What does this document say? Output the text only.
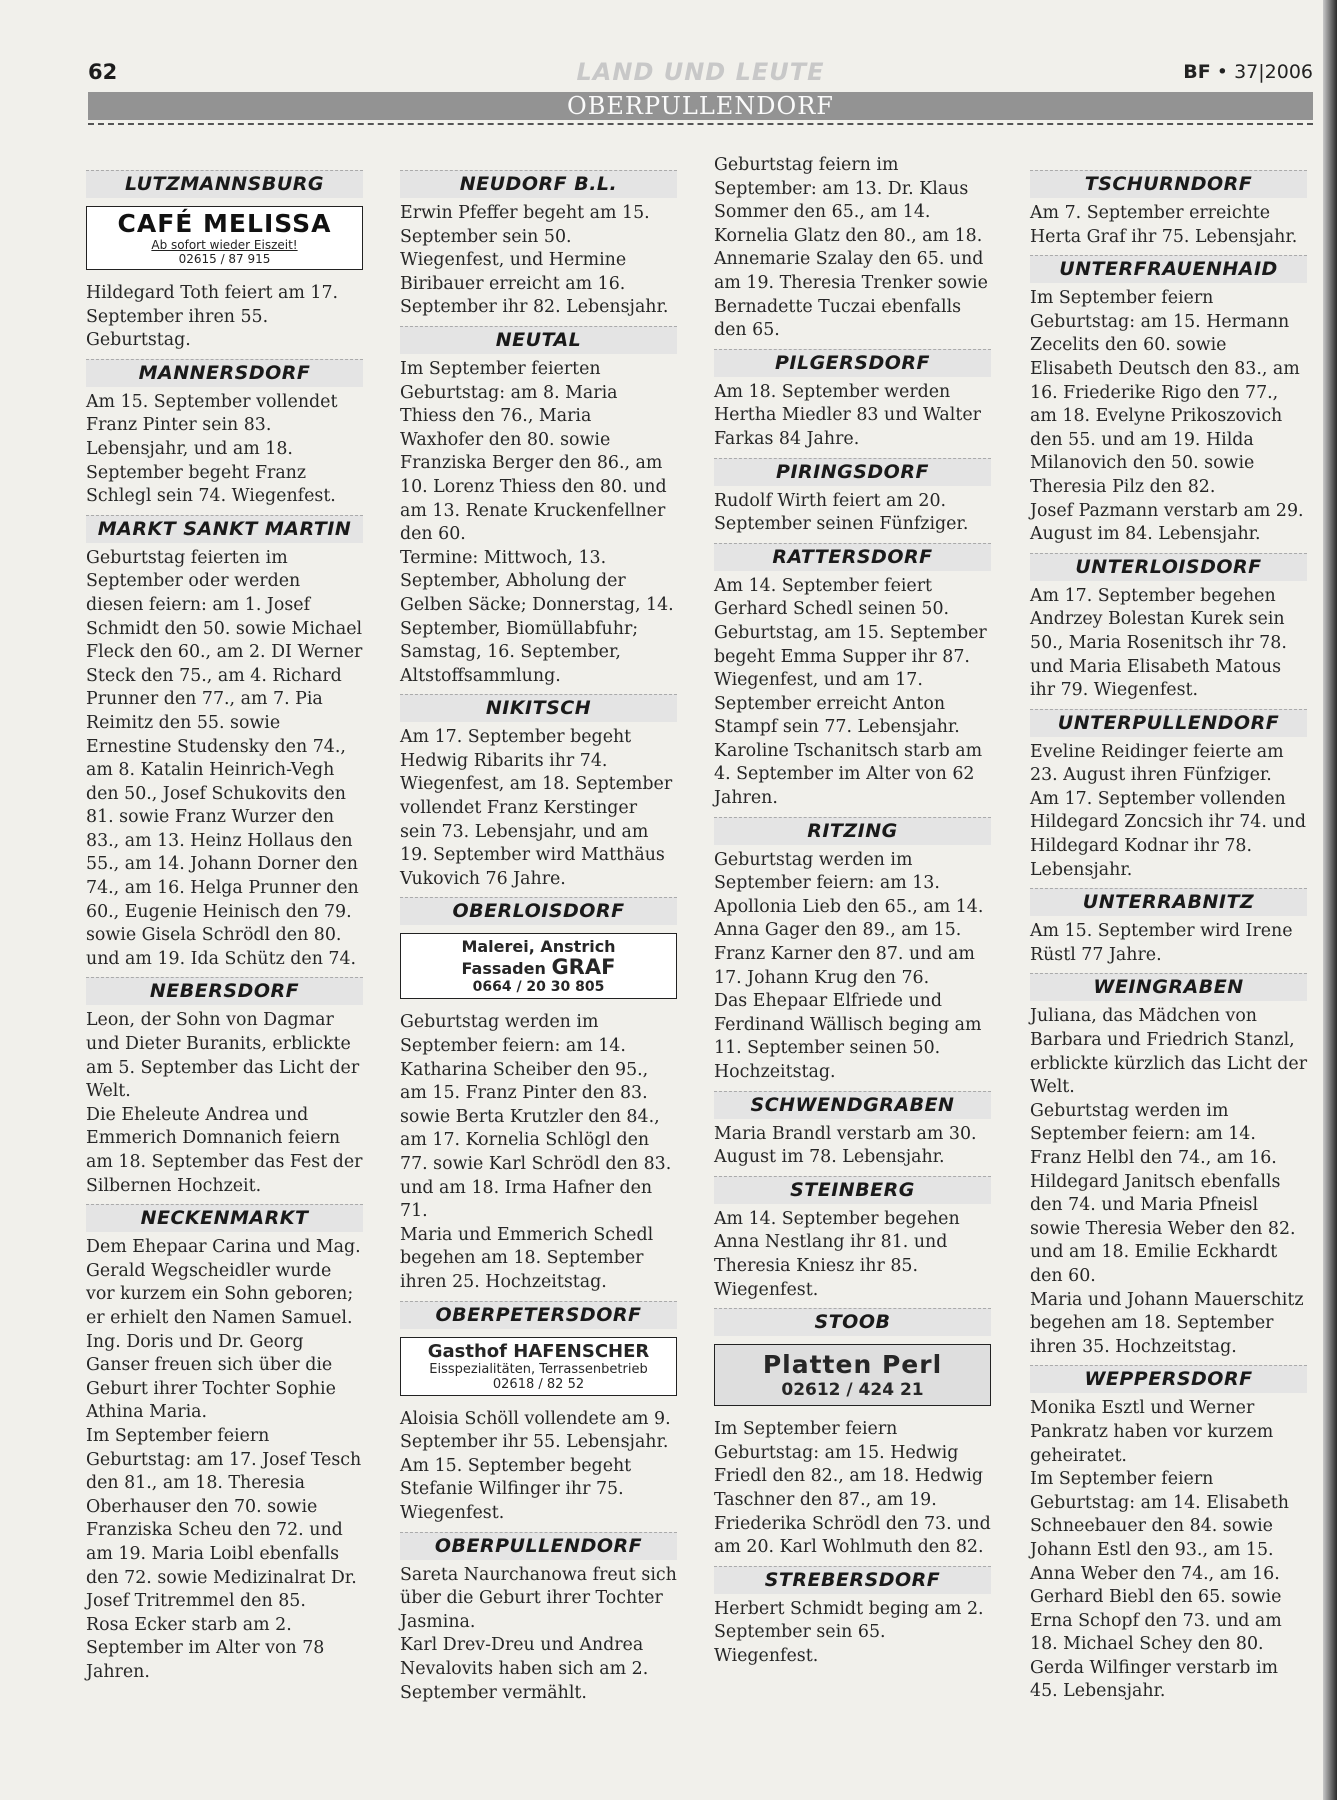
62	LAND UND LEUTE	BF • 37|2006
OBERPULLENDORF
LUTZMANNSBURG
CAFÉ MELISSA
Ab sofort wieder Eiszeit!
02615 / 87 915

Hildegard Toth feiert am 17. September ihren 55. Geburtstag.

MANNERSDORF

Am 15. September vollendet Franz Pinter sein 83. Lebensjahr, und am 18. September begeht Franz Schlegl sein 74. Wiegenfest.

MARKT SANKT MARTIN

Geburtstag feierten im September oder werden diesen feiern: am 1. Josef Schmidt den 50. sowie Michael Fleck den 60., am 2. DI Werner Steck den 75., am 4. Richard Prunner den 77., am 7. Pia Reimitz den 55. sowie Ernestine Studensky den 74., am 8. Katalin Heinrich-Vegh den 50., Josef Schukovits den 81. sowie Franz Wurzer den 83., am 13. Heinz Hollaus den 55., am 14. Johann Dorner den 74., am 16. Helga Prunner den 60., Eugenie Heinisch den 79. sowie Gisela Schrödl den 80. und am 19. Ida Schütz den 74.

NEBERSDORF

Leon, der Sohn von Dagmar und Dieter Buranits, erblickte am 5. September das Licht der Welt.

Die Eheleute Andrea und Emmerich Domnanich feiern am 18. September das Fest der Silbernen Hochzeit.

NECKENMARKT

Dem Ehepaar Carina und Mag. Gerald Wegscheidler wurde vor kurzem ein Sohn geboren; er erhielt den Namen Samuel.

Ing. Doris und Dr. Georg Ganser freuen sich über die Geburt ihrer Tochter Sophie Athina Maria.

Im September feiern Geburtstag: am 17. Josef Tesch den 81., am 18. Theresia Oberhauser den 70. sowie Franziska Scheu den 72. und am 19. Maria Loibl ebenfalls den 72. sowie Medizinalrat Dr. Josef Tritremmel den 85.

Rosa Ecker starb am 2. September im Alter von 78 Jahren.

NEUDORF B.L.

Erwin Pfeffer begeht am 15. September sein 50. Wiegenfest, und Hermine Biribauer erreicht am 16. September ihr 82. Lebensjahr.

NEUTAL

Im September feierten Geburtstag: am 8. Maria Thiess den 76., Maria Waxhofer den 80. sowie Franziska Berger den 86., am 10. Lorenz Thiess den 80. und am 13. Renate Kruckenfellner den 60.

Termine: Mittwoch, 13. September, Abholung der Gelben Säcke; Donnerstag, 14. September, Biomüllabfuhr; Samstag, 16. September, Altstoffsammlung.

NIKITSCH

Am 17. September begeht Hedwig Ribarits ihr 74. Wiegenfest, am 18. September vollendet Franz Kerstinger sein 73. Lebensjahr, und am 19. September wird Matthäus Vukovich 76 Jahre.

OBERLOISDORF
Malerei, Anstrich
Fassaden GRAF
0664 / 20 30 805

Geburtstag werden im September feiern: am 14. Katharina Scheiber den 95., am 15. Franz Pinter den 83. sowie Berta Krutzler den 84., am 17. Kornelia Schlögl den 77. sowie Karl Schrödl den 83. und am 18. Irma Hafner den 71.

Maria und Emmerich Schedl begehen am 18. September ihren 25. Hochzeitstag.

OBERPETERSDORF
Gasthof HAFENSCHER
Eisspezialitäten, Terrassenbetrieb
02618 / 82 52

Aloisia Schöll vollendete am 9. September ihr 55. Lebensjahr. Am 15. September begeht Stefanie Wilfinger ihr 75. Wiegenfest.

OBERPULLENDORF

Sareta Naurchanowa freut sich über die Geburt ihrer Tochter Jasmina.

Karl Drev-Dreu und Andrea Nevalovits haben sich am 2. September vermählt.

Geburtstag feiern im September: am 13. Dr. Klaus Sommer den 65., am 14. Kornelia Glatz den 80., am 18. Annemarie Szalay den 65. und am 19. Theresia Trenker sowie Bernadette Tuczai ebenfalls den 65.

PILGERSDORF

Am 18. September werden Hertha Miedler 83 und Walter Farkas 84 Jahre.

PIRINGSDORF

Rudolf Wirth feiert am 20. September seinen Fünfziger.

RATTERSDORF

Am 14. September feiert Gerhard Schedl seinen 50. Geburtstag, am 15. September begeht Emma Supper ihr 87. Wiegenfest, und am 17. September erreicht Anton Stampf sein 77. Lebensjahr.

Karoline Tschanitsch starb am 4. September im Alter von 62 Jahren.

RITZING

Geburtstag werden im September feiern: am 13. Apollonia Lieb den 65., am 14. Anna Gager den 89., am 15. Franz Karner den 87. und am 17. Johann Krug den 76.

Das Ehepaar Elfriede und Ferdinand Wällisch beging am 11. September seinen 50. Hochzeitstag.

SCHWENDGRABEN

Maria Brandl verstarb am 30. August im 78. Lebensjahr.

STEINBERG

Am 14. September begehen Anna Nestlang ihr 81. und Theresia Kniesz ihr 85. Wiegenfest.

STOOB
Platten Perl
02612 / 424 21

Im September feiern Geburtstag: am 15. Hedwig Friedl den 82., am 18. Hedwig Taschner den 87., am 19. Friederika Schrödl den 73. und am 20. Karl Wohlmuth den 82.

STREBERSDORF

Herbert Schmidt beging am 2. September sein 65. Wiegenfest.

TSCHURNDORF

Am 7. September erreichte Herta Graf ihr 75. Lebensjahr.

UNTERFRAUENHAID

Im September feiern Geburtstag: am 15. Hermann Zecelits den 60. sowie Elisabeth Deutsch den 83., am 16. Friederike Rigo den 77., am 18. Evelyne Prikoszovich den 55. und am 19. Hilda Milanovich den 50. sowie Theresia Pilz den 82.

Josef Pazmann verstarb am 29. August im 84. Lebensjahr.

UNTERLOISDORF

Am 17. September begehen Andrzey Bolestan Kurek sein 50., Maria Rosenitsch ihr 78. und Maria Elisabeth Matous ihr 79. Wiegenfest.

UNTERPULLENDORF

Eveline Reidinger feierte am 23. August ihren Fünfziger.

Am 17. September vollenden Hildegard Zoncsich ihr 74. und Hildegard Kodnar ihr 78. Lebensjahr.

UNTERRABNITZ

Am 15. September wird Irene Rüstl 77 Jahre.

WEINGRABEN

Juliana, das Mädchen von Barbara und Friedrich Stanzl, erblickte kürzlich das Licht der Welt.

Geburtstag werden im September feiern: am 14. Franz Helbl den 74., am 16. Hildegard Janitsch ebenfalls den 74. und Maria Pfneisl sowie Theresia Weber den 82. und am 18. Emilie Eckhardt den 60.

Maria und Johann Mauerschitz begehen am 18. September ihren 35. Hochzeitstag.

WEPPERSDORF

Monika Esztl und Werner Pankratz haben vor kurzem geheiratet.

Im September feiern Geburtstag: am 14. Elisabeth Schneebauer den 84. sowie Johann Estl den 93., am 15. Anna Weber den 74., am 16. Gerhard Biebl den 65. sowie Erna Schopf den 73. und am 18. Michael Schey den 80.

Gerda Wilfinger verstarb im 45. Lebensjahr.
